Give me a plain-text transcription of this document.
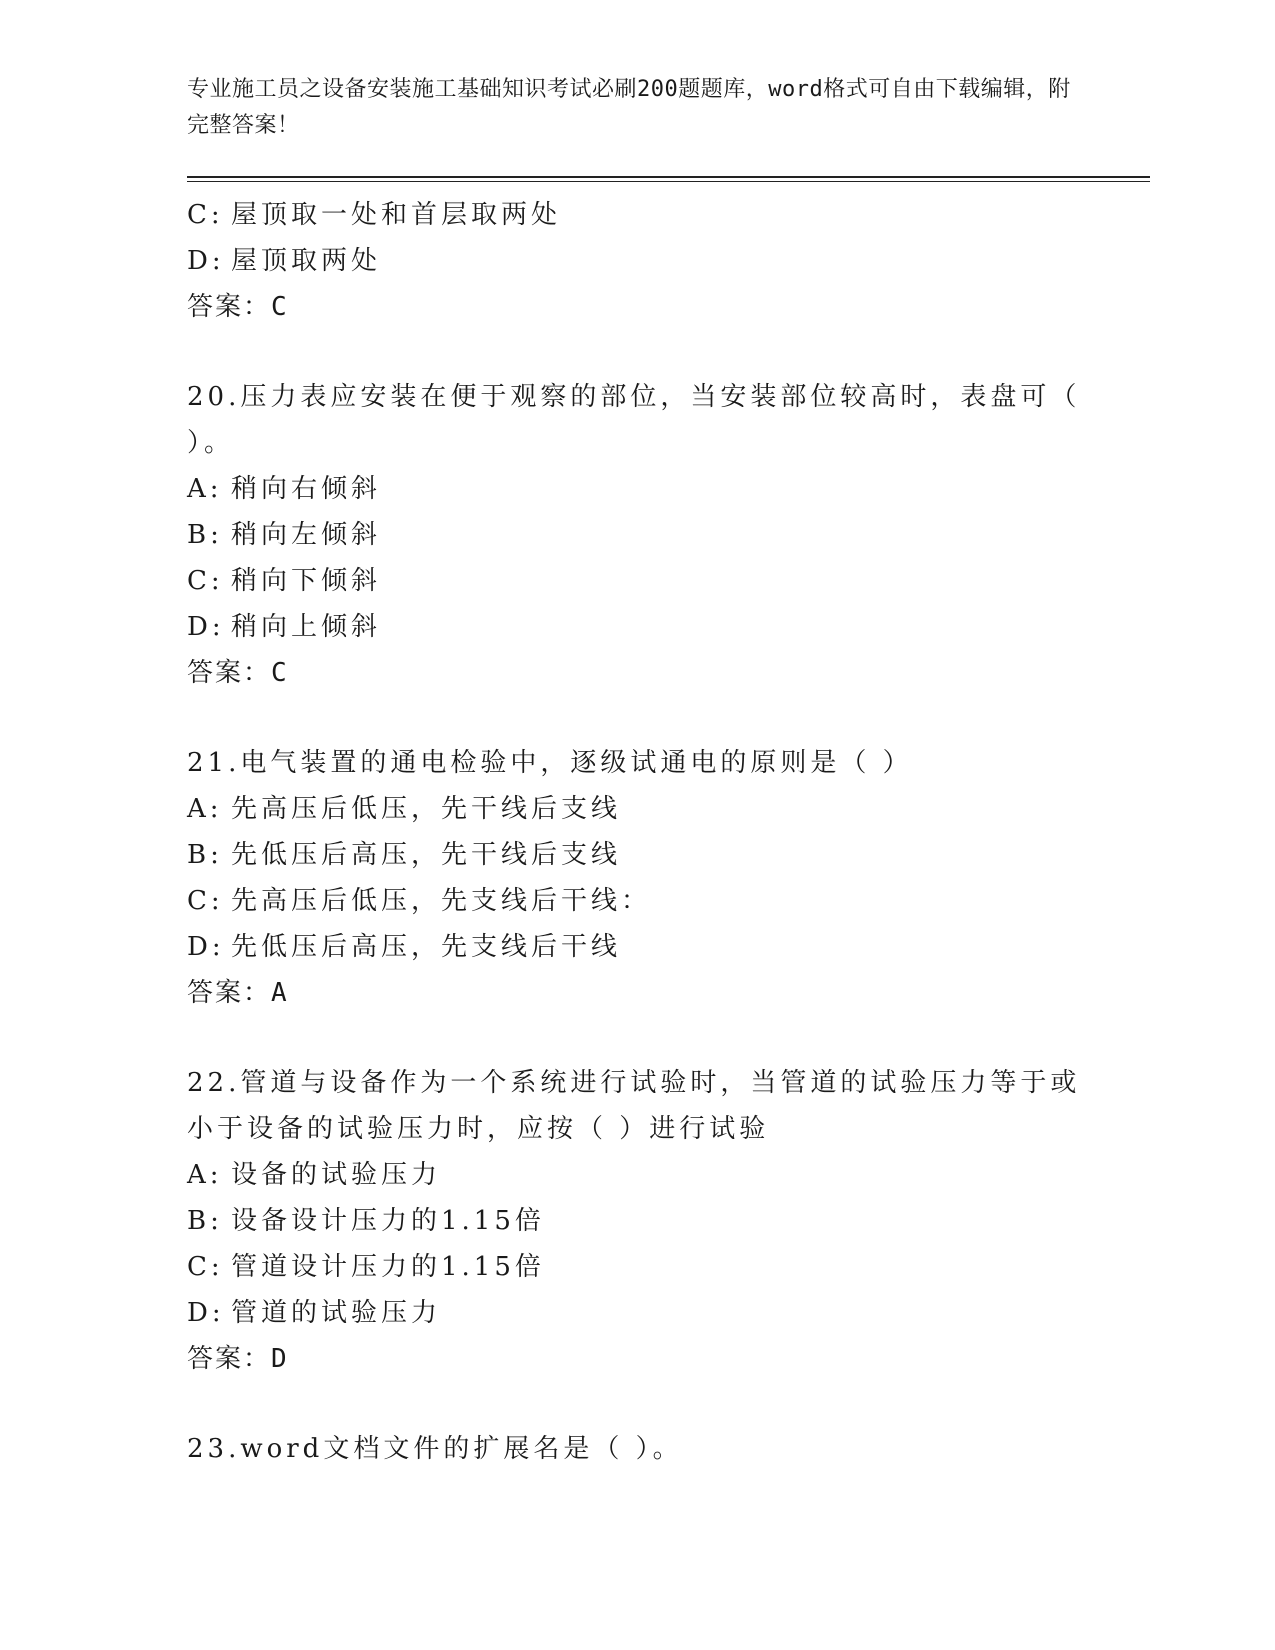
专业施工员之设备安装施工基础知识考试必刷200题题库，word格式可自由下载编辑，附完整答案！
C: 屋顶取一处和首层取两处
D: 屋顶取两处
答案：C
20.压力表应安装在便于观察的部位，当安装部位较高时，表盘可（ ）。
A: 稍向右倾斜
B: 稍向左倾斜
C: 稍向下倾斜
D: 稍向上倾斜
答案：C
21.电气装置的通电检验中，逐级试通电的原则是（ ）
A: 先高压后低压，先干线后支线
B: 先低压后高压，先干线后支线
C: 先高压后低压，先支线后干线：
D: 先低压后高压，先支线后干线
答案：A
22.管道与设备作为一个系统进行试验时，当管道的试验压力等于或小于设备的试验压力时，应按（ ）进行试验
A: 设备的试验压力
B: 设备设计压力的1.15倍
C: 管道设计压力的1.15倍
D: 管道的试验压力
答案：D
23.word文档文件的扩展名是（ ）。
